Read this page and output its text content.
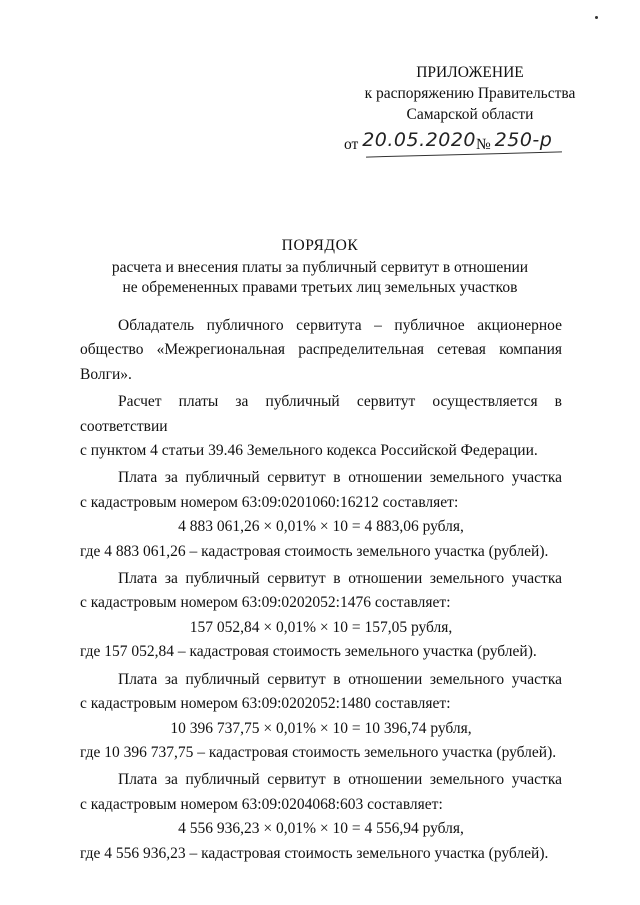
ПРИЛОЖЕНИЕ
к распоряжению Правительства
Самарской области
от 20.05.2020№ 250-р
ПОРЯДОК
расчета и внесения платы за публичный сервитут в отношении
не обремененных правами третьих лиц земельных участков

Обладатель публичного сервитута – публичное акционерное

общество «Межрегиональная распределительная сетевая компания Волги».

Расчет платы за публичный сервитут осуществляется в соответствии

с пунктом 4 статьи 39.46 Земельного кодекса Российской Федерации.

Плата за публичный сервитут в отношении земельного участка

с кадастровым номером 63:09:0201060:16212 составляет:

4 883 061,26 × 0,01% × 10 = 4 883,06 рубля,

где 4 883 061,26 – кадастровая стоимость земельного участка (рублей).

Плата за публичный сервитут в отношении земельного участка

с кадастровым номером 63:09:0202052:1476 составляет:

157 052,84 × 0,01% × 10 = 157,05 рубля,

где 157 052,84 – кадастровая стоимость земельного участка (рублей).

Плата за публичный сервитут в отношении земельного участка

с кадастровым номером 63:09:0202052:1480 составляет:

10 396 737,75 × 0,01% × 10 = 10 396,74 рубля,

где 10 396 737,75 – кадастровая стоимость земельного участка (рублей).

Плата за публичный сервитут в отношении земельного участка

с кадастровым номером 63:09:0204068:603 составляет:

4 556 936,23 × 0,01% × 10 = 4 556,94 рубля,

где 4 556 936,23 – кадастровая стоимость земельного участка (рублей).
